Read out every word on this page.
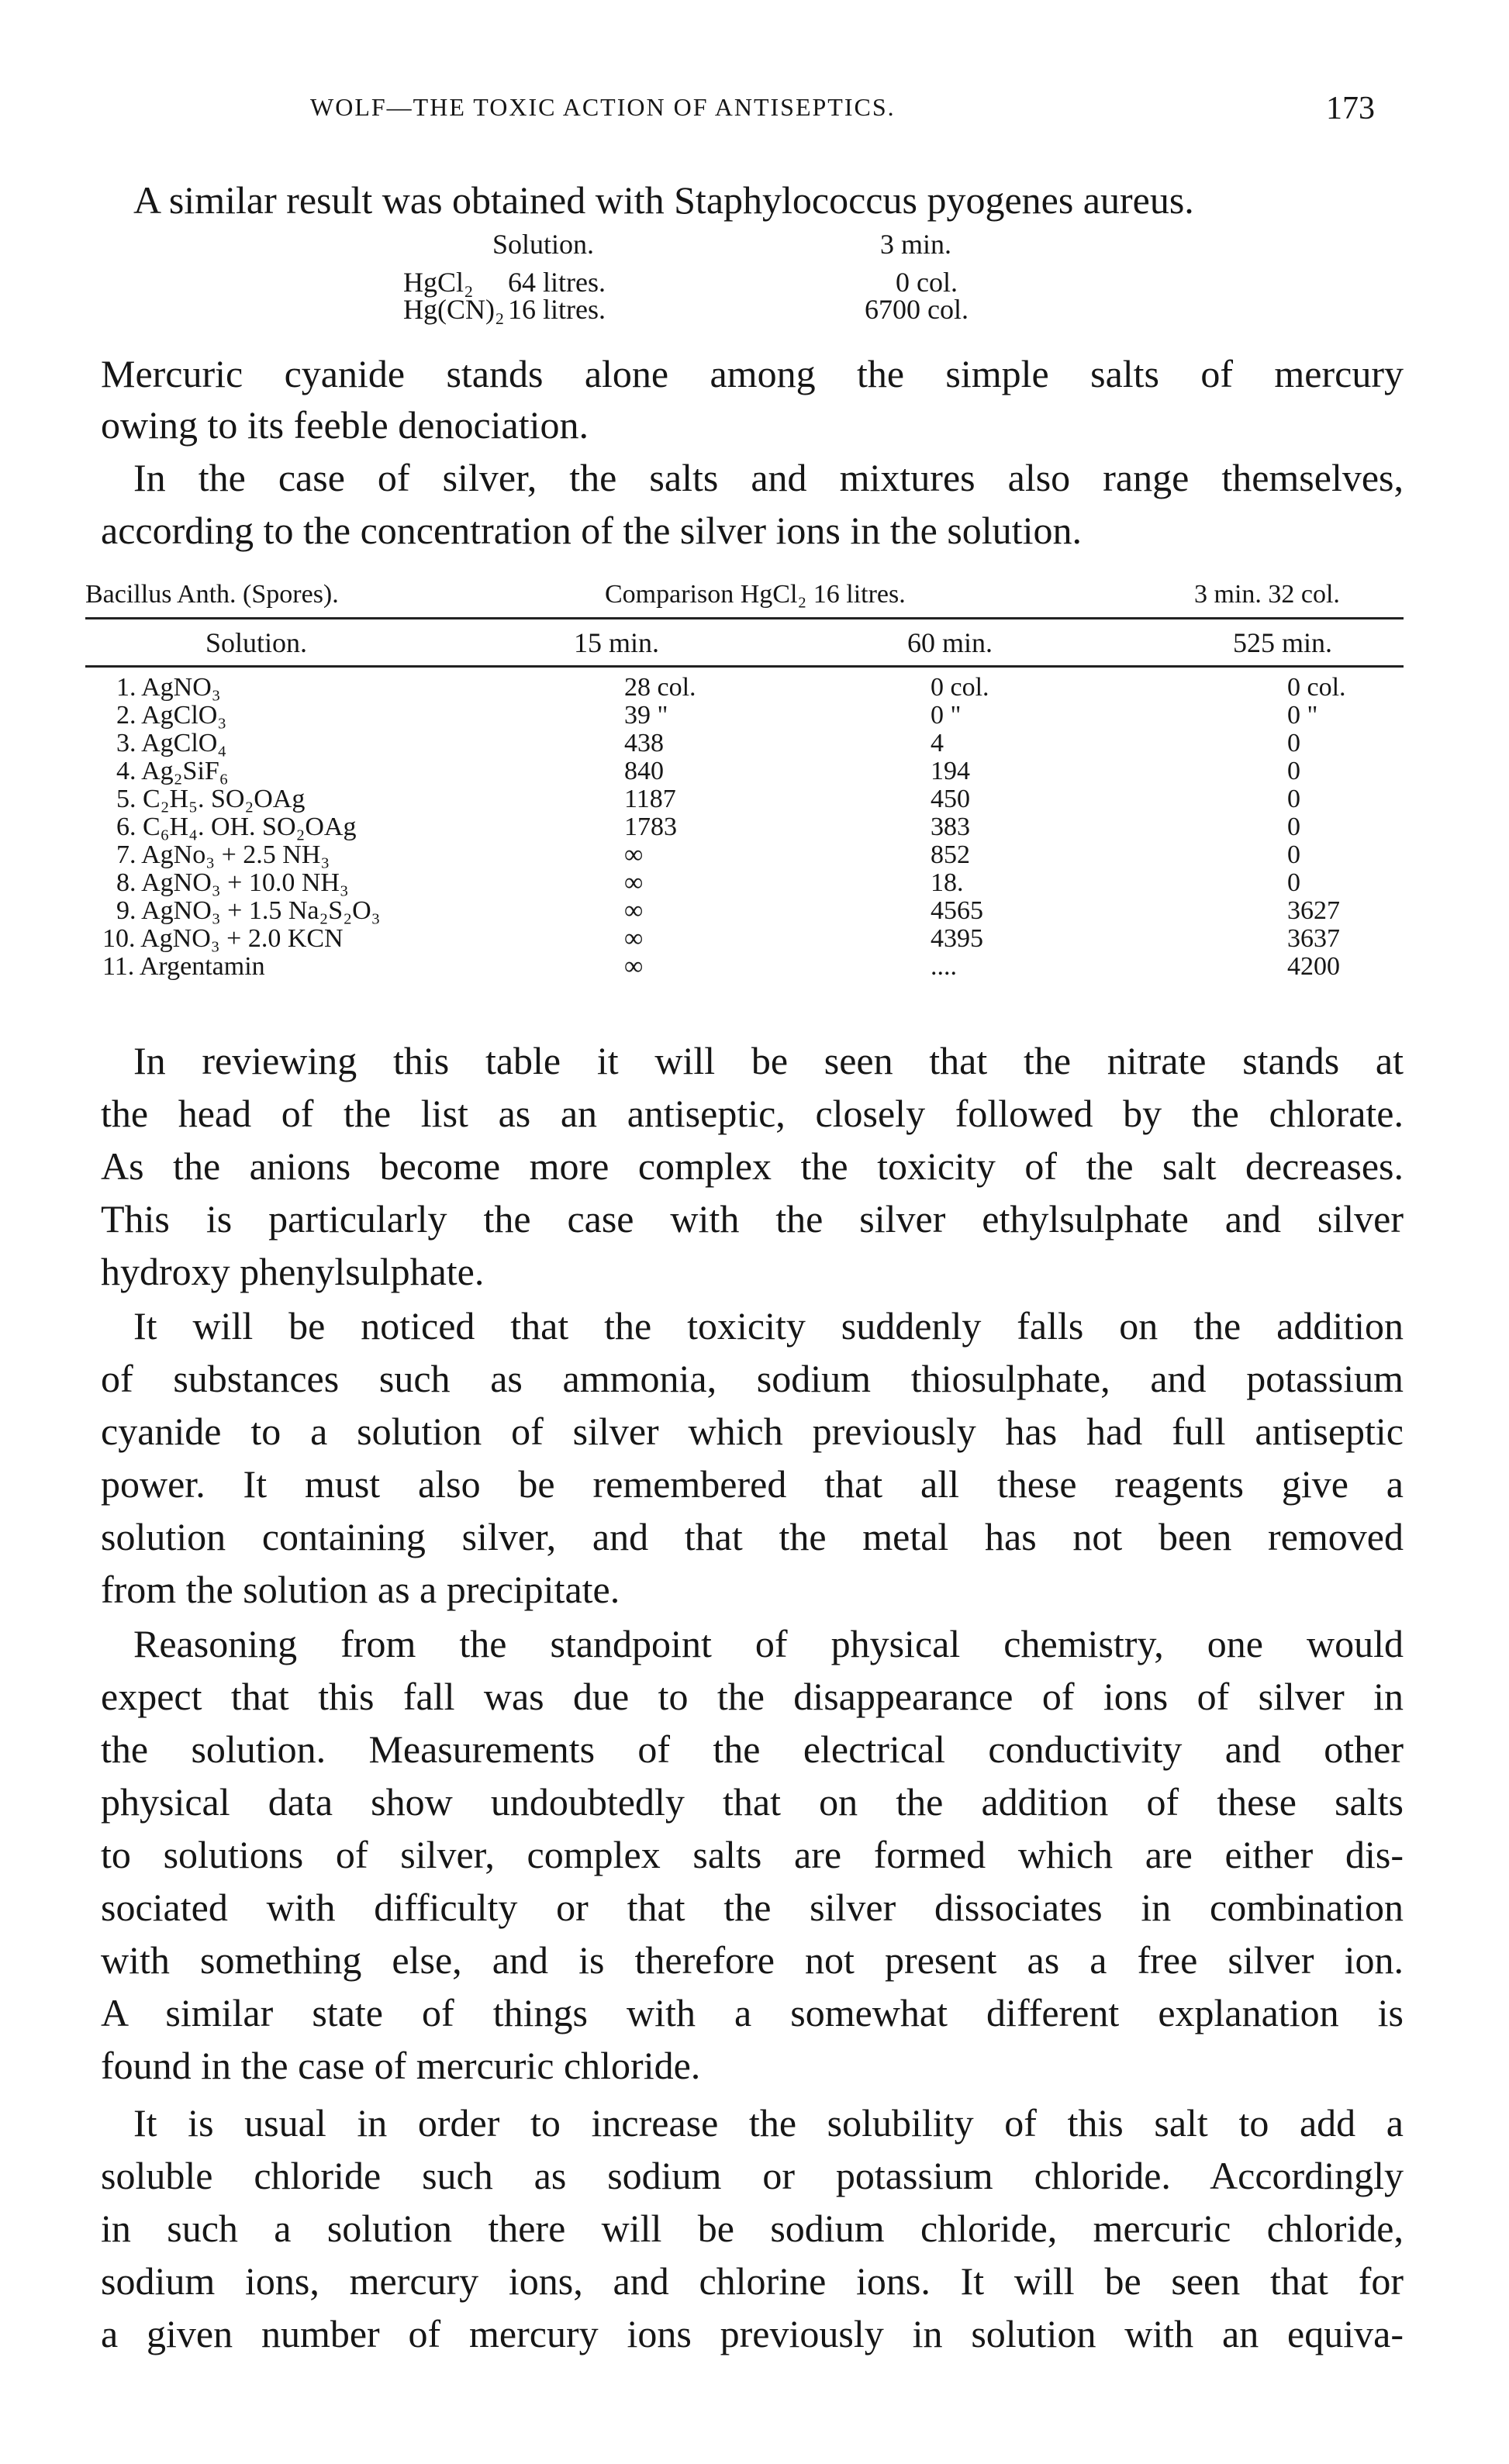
WOLF—THE TOXIC ACTION OF ANTISEPTICS.	173
A similar result was obtained with Staphylococcus pyogenes aureus.
Solution.	3 min.
HgCl₂ 64 litres.	0 col.
Hg(CN)₂ 16 litres.	6700 col.
Mercuric cyanide stands alone among the simple salts of mercury
owing to its feeble denociation.
In the case of silver, the salts and mixtures also range themselves,
according to the concentration of the silver ions in the solution.
Bacillus Anth. (Spores).	Comparison HgCl₂ 16 litres.	3 min. 32 col.
Solution.	15 min.	60 min.	525 min.
1. AgNO₃	28 col.	0 col.	0 col.
2. AgClO₃	39 "	0 "	0 "
3. AgClO₄	438	4	0
4. Ag₂SiF₆	840	194	0
5. C₂H₅. SO₂OAg	1187	450	0
6. C₆H₄. OH. SO₂OAg	1783	383	0
7. AgNo₃ + 2.5 NH₃	∞	852	0
8. AgNO₃ + 10.0 NH₃	∞	18.	0
9. AgNO₃ + 1.5 Na₂S₂O₃	∞	4565	3627
10. AgNO₃ + 2.0 KCN	∞	4395	3637
11. Argentamin	∞	....	4200
In reviewing this table it will be seen that the nitrate stands at
the head of the list as an antiseptic, closely followed by the chlorate.
As the anions become more complex the toxicity of the salt decreases.
This is particularly the case with the silver ethylsulphate and silver
hydroxy phenylsulphate.
It will be noticed that the toxicity suddenly falls on the addition
of substances such as ammonia, sodium thiosulphate, and potassium
cyanide to a solution of silver which previously has had full antiseptic
power. It must also be remembered that all these reagents give a
solution containing silver, and that the metal has not been removed
from the solution as a precipitate.
Reasoning from the standpoint of physical chemistry, one would
expect that this fall was due to the disappearance of ions of silver in
the solution. Measurements of the electrical conductivity and other
physical data show undoubtedly that on the addition of these salts
to solutions of silver, complex salts are formed which are either dis-
sociated with difficulty or that the silver dissociates in combination
with something else, and is therefore not present as a free silver ion.
A similar state of things with a somewhat different explanation is
found in the case of mercuric chloride.
It is usual in order to increase the solubility of this salt to add a
soluble chloride such as sodium or potassium chloride. Accordingly
in such a solution there will be sodium chloride, mercuric chloride,
sodium ions, mercury ions, and chlorine ions. It will be seen that for
a given number of mercury ions previously in solution with an equiva-
